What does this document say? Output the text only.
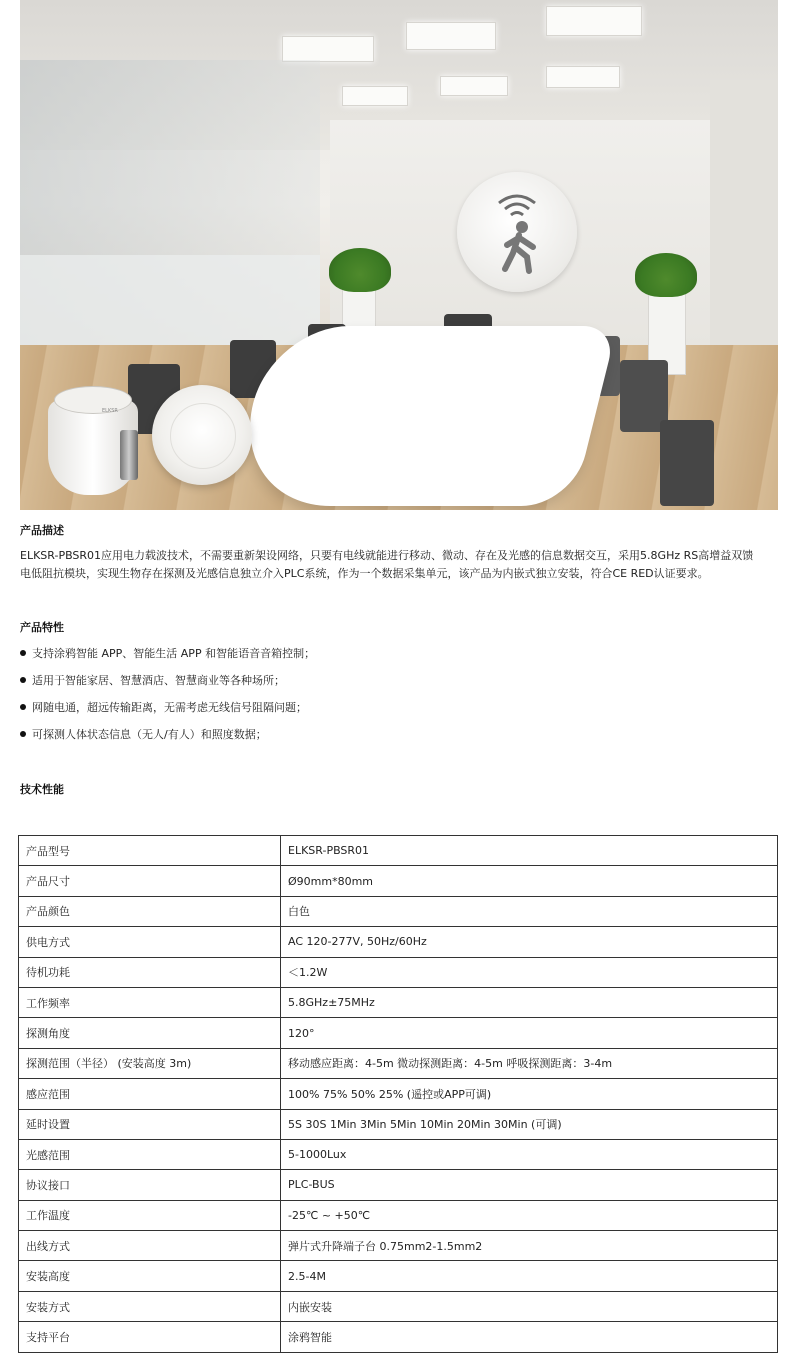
ELKSR
产品描述
ELKSR-PBSR01应用电力载波技术，不需要重新架设网络，只要有电线就能进行移动、微动、存在及光感的信息数据交互，采用5.8GHz RS高增益双馈
电低阻抗模块，实现生物存在探测及光感信息独立介入PLC系统，作为一个数据采集单元，该产品为内嵌式独立安装，符合CE RED认证要求。
产品特性
支持涂鸦智能 APP、智能生活 APP 和智能语音音箱控制；
适用于智能家居、智慧酒店、智慧商业等各种场所；
网随电通，超远传输距离，无需考虑无线信号阻隔问题；
可探测人体状态信息（无人/有人）和照度数据；
技术性能
产品型号	ELKSR-PBSR01
产品尺寸	Ø90mm*80mm
产品颜色	白色
供电方式	AC 120-277V, 50Hz/60Hz
待机功耗	＜1.2W
工作频率	5.8GHz±75MHz
探测角度	120°
探测范围（半径） (安装高度 3m)	移动感应距离：4-5m 微动探测距离：4-5m 呼吸探测距离：3-4m
感应范围	100% 75% 50% 25% (遥控或APP可调)
延时设置	5S 30S 1Min 3Min 5Min 10Min 20Min 30Min (可调)
光感范围	5-1000Lux
协议接口	PLC-BUS
工作温度	-25℃ ~ +50℃
出线方式	弹片式升降端子台 0.75mm2-1.5mm2
安装高度	2.5-4M
安装方式	内嵌安装
支持平台	涂鸦智能
